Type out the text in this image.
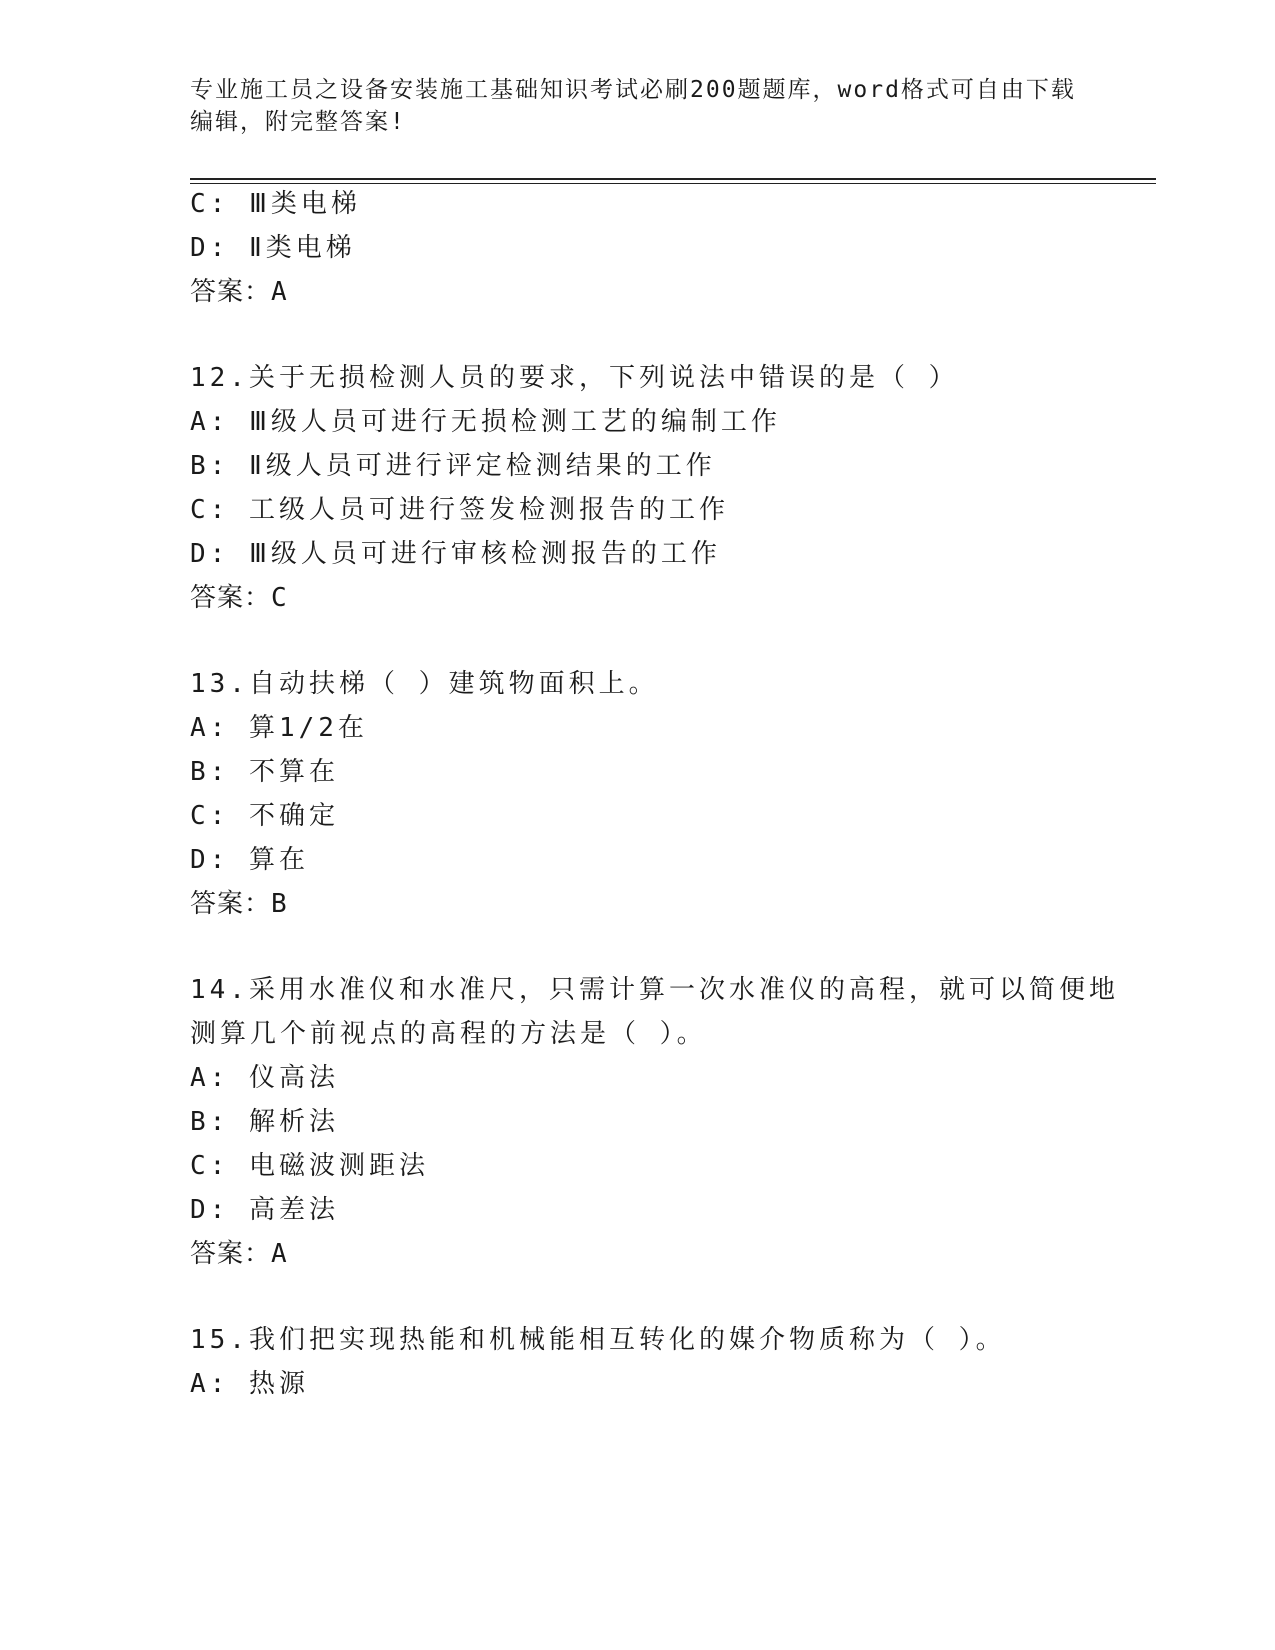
专业施工员之设备安装施工基础知识考试必刷200题题库，word格式可自由下载
编辑，附完整答案!
C: Ⅲ类电梯
D: Ⅱ类电梯
答案：A
12.关于无损检测人员的要求，下列说法中错误的是（ ）
A: Ⅲ级人员可进行无损检测工艺的编制工作
B: Ⅱ级人员可进行评定检测结果的工作
C: 工级人员可进行签发检测报告的工作
D: Ⅲ级人员可进行审核检测报告的工作
答案：C
13.自动扶梯（ ）建筑物面积上。
A: 算1/2在
B: 不算在
C: 不确定
D: 算在
答案：B
14.采用水准仪和水准尺，只需计算一次水准仪的高程，就可以简便地
测算几个前视点的高程的方法是（ ）。
A: 仪高法
B: 解析法
C: 电磁波测距法
D: 高差法
答案：A
15.我们把实现热能和机械能相互转化的媒介物质称为（ ）。
A: 热源
